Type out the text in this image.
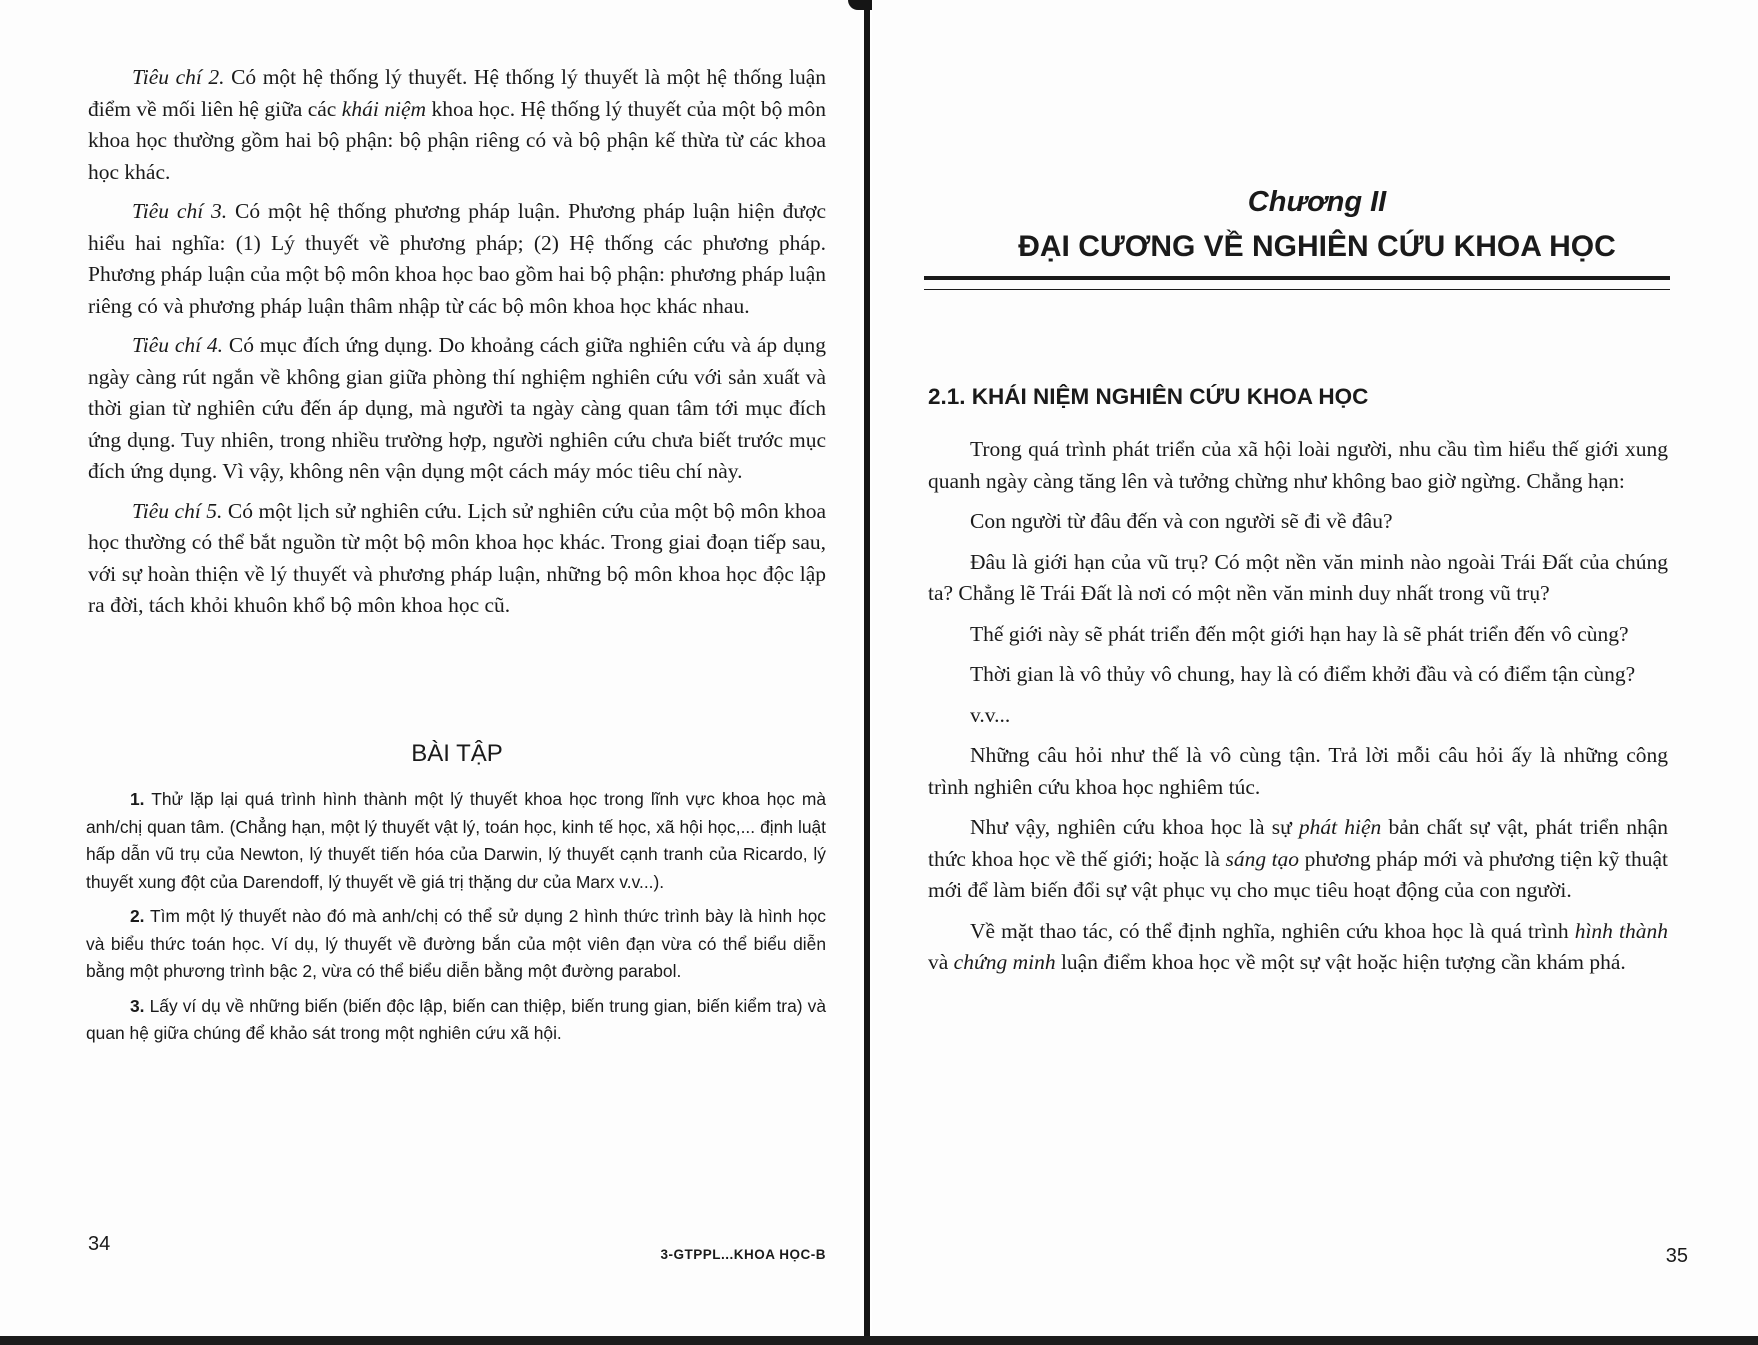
Tiêu chí 2. Có một hệ thống lý thuyết. Hệ thống lý thuyết là một hệ thống luận điểm về mối liên hệ giữa các khái niệm khoa học. Hệ thống lý thuyết của một bộ môn khoa học thường gồm hai bộ phận: bộ phận riêng có và bộ phận kế thừa từ các khoa học khác.

Tiêu chí 3. Có một hệ thống phương pháp luận. Phương pháp luận hiện được hiểu hai nghĩa: (1) Lý thuyết về phương pháp; (2) Hệ thống các phương pháp. Phương pháp luận của một bộ môn khoa học bao gồm hai bộ phận: phương pháp luận riêng có và phương pháp luận thâm nhập từ các bộ môn khoa học khác nhau.

Tiêu chí 4. Có mục đích ứng dụng. Do khoảng cách giữa nghiên cứu và áp dụng ngày càng rút ngắn về không gian giữa phòng thí nghiệm nghiên cứu với sản xuất và thời gian từ nghiên cứu đến áp dụng, mà người ta ngày càng quan tâm tới mục đích ứng dụng. Tuy nhiên, trong nhiều trường hợp, người nghiên cứu chưa biết trước mục đích ứng dụng. Vì vậy, không nên vận dụng một cách máy móc tiêu chí này.

Tiêu chí 5. Có một lịch sử nghiên cứu. Lịch sử nghiên cứu của một bộ môn khoa học thường có thể bắt nguồn từ một bộ môn khoa học khác. Trong giai đoạn tiếp sau, với sự hoàn thiện về lý thuyết và phương pháp luận, những bộ môn khoa học độc lập ra đời, tách khỏi khuôn khổ bộ môn khoa học cũ.

BÀI TẬP

1. Thử lặp lại quá trình hình thành một lý thuyết khoa học trong lĩnh vực khoa học mà anh/chị quan tâm. (Chẳng hạn, một lý thuyết vật lý, toán học, kinh tế học, xã hội học,... định luật hấp dẫn vũ trụ của Newton, lý thuyết tiến hóa của Darwin, lý thuyết cạnh tranh của Ricardo, lý thuyết xung đột của Darendoff, lý thuyết về giá trị thặng dư của Marx v.v...).

2. Tìm một lý thuyết nào đó mà anh/chị có thể sử dụng 2 hình thức trình bày là hình học và biểu thức toán học. Ví dụ, lý thuyết về đường bắn của một viên đạn vừa có thể biểu diễn bằng một phương trình bậc 2, vừa có thể biểu diễn bằng một đường parabol.

3. Lấy ví dụ về những biến (biến độc lập, biến can thiệp, biến trung gian, biến kiểm tra) và quan hệ giữa chúng để khảo sát trong một nghiên cứu xã hội.

34	3-GTPPL...KHOA HỌC-B
Chương II
ĐẠI CƯƠNG VỀ NGHIÊN CỨU KHOA HỌC
2.1. KHÁI NIỆM NGHIÊN CỨU KHOA HỌC

Trong quá trình phát triển của xã hội loài người, nhu cầu tìm hiểu thế giới xung quanh ngày càng tăng lên và tưởng chừng như không bao giờ ngừng. Chẳng hạn:

Con người từ đâu đến và con người sẽ đi về đâu?

Đâu là giới hạn của vũ trụ? Có một nền văn minh nào ngoài Trái Đất của chúng ta? Chẳng lẽ Trái Đất là nơi có một nền văn minh duy nhất trong vũ trụ?

Thế giới này sẽ phát triển đến một giới hạn hay là sẽ phát triển đến vô cùng?

Thời gian là vô thủy vô chung, hay là có điểm khởi đầu và có điểm tận cùng?

v.v...

Những câu hỏi như thế là vô cùng tận. Trả lời mỗi câu hỏi ấy là những công trình nghiên cứu khoa học nghiêm túc.

Như vậy, nghiên cứu khoa học là sự phát hiện bản chất sự vật, phát triển nhận thức khoa học về thế giới; hoặc là sáng tạo phương pháp mới và phương tiện kỹ thuật mới để làm biến đổi sự vật phục vụ cho mục tiêu hoạt động của con người.

Về mặt thao tác, có thể định nghĩa, nghiên cứu khoa học là quá trình hình thành và chứng minh luận điểm khoa học về một sự vật hoặc hiện tượng cần khám phá.

35
